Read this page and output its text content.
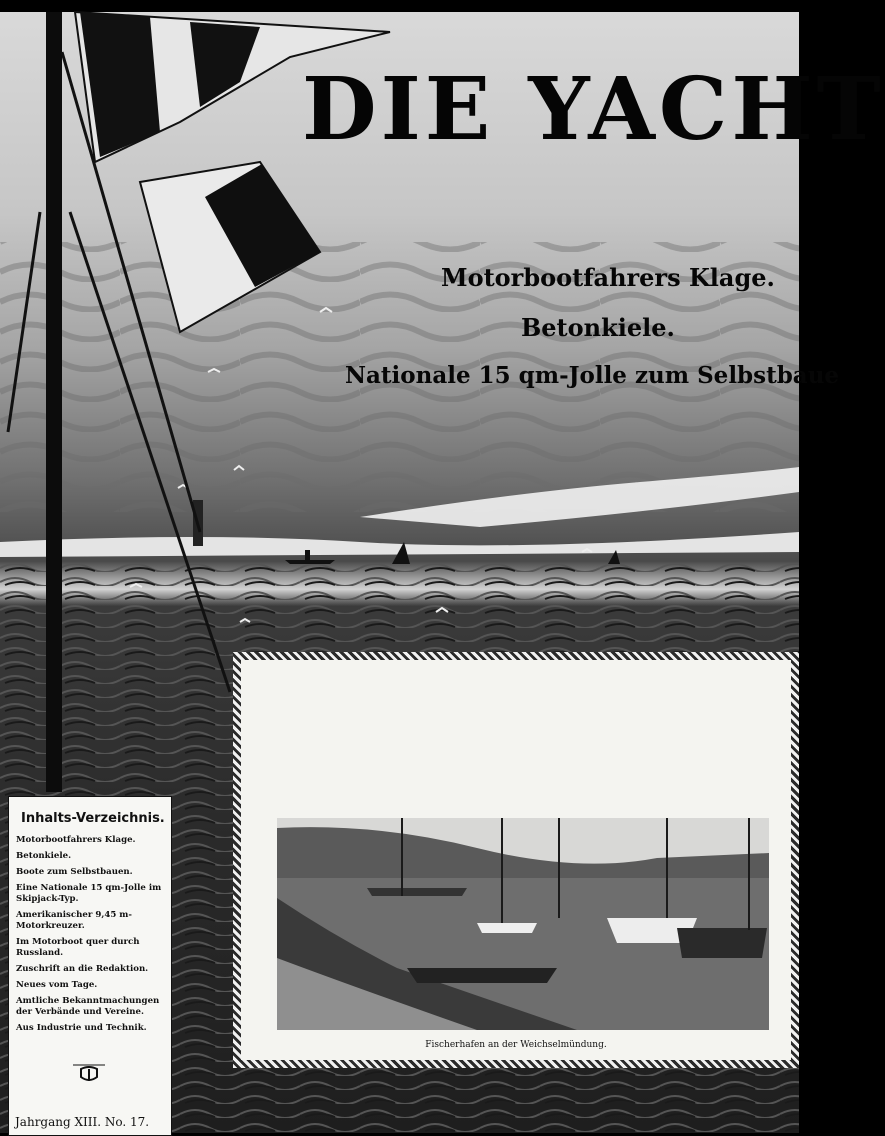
DIE YACHT
Motorbootfahrers Klage.
Betonkiele.
Nationale 15 qm-Jolle zum Selbstbaue
Inhalts-Verzeichnis.
Motorbootfahrers Klage.
Betonkiele.
Boote zum Selbstbauen.
Eine Nationale 15 qm-Jolle im Skipjack-Typ.
Amerikanischer 9,45 m-Motorkreuzer.
Im Motorboot quer durch Russland.
Zuschrift an die Redaktion.
Neues vom Tage.
Amtliche Bekanntmachungen der Verbände und Vereine.
Aus Industrie und Technik.
Jahrgang XIII. No. 17.
Fischerhafen an der Weichselmündung.
